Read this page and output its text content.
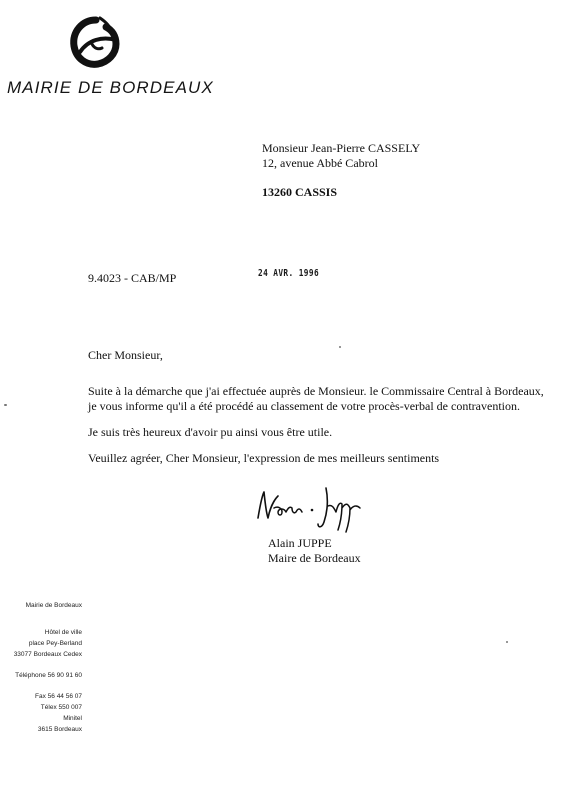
MAIRIE DE BORDEAUX
Monsieur Jean-Pierre CASSELY
12, avenue Abbé Cabrol
13260 CASSIS
9.4023 - CAB/MP	24 AVR. 1996

Cher Monsieur,

Suite à la démarche que j'ai effectuée auprès de Monsieur. le Commissaire Central à Bordeaux,

je vous informe qu'il a été procédé au classement de votre procès-verbal de contravention.

Je suis très heureux d'avoir pu ainsi vous être utile.

Veuillez agréer, Cher Monsieur, l'expression de mes meilleurs sentiments

Alain JUPPE
Maire de Bordeaux
Mairie de Bordeaux
Hôtel de ville
place Pey-Berland
33077 Bordeaux Cedex
Téléphone 56 90 91 60
Fax 56 44 56 07
Télex 550 007
Minitel
3615 Bordeaux
